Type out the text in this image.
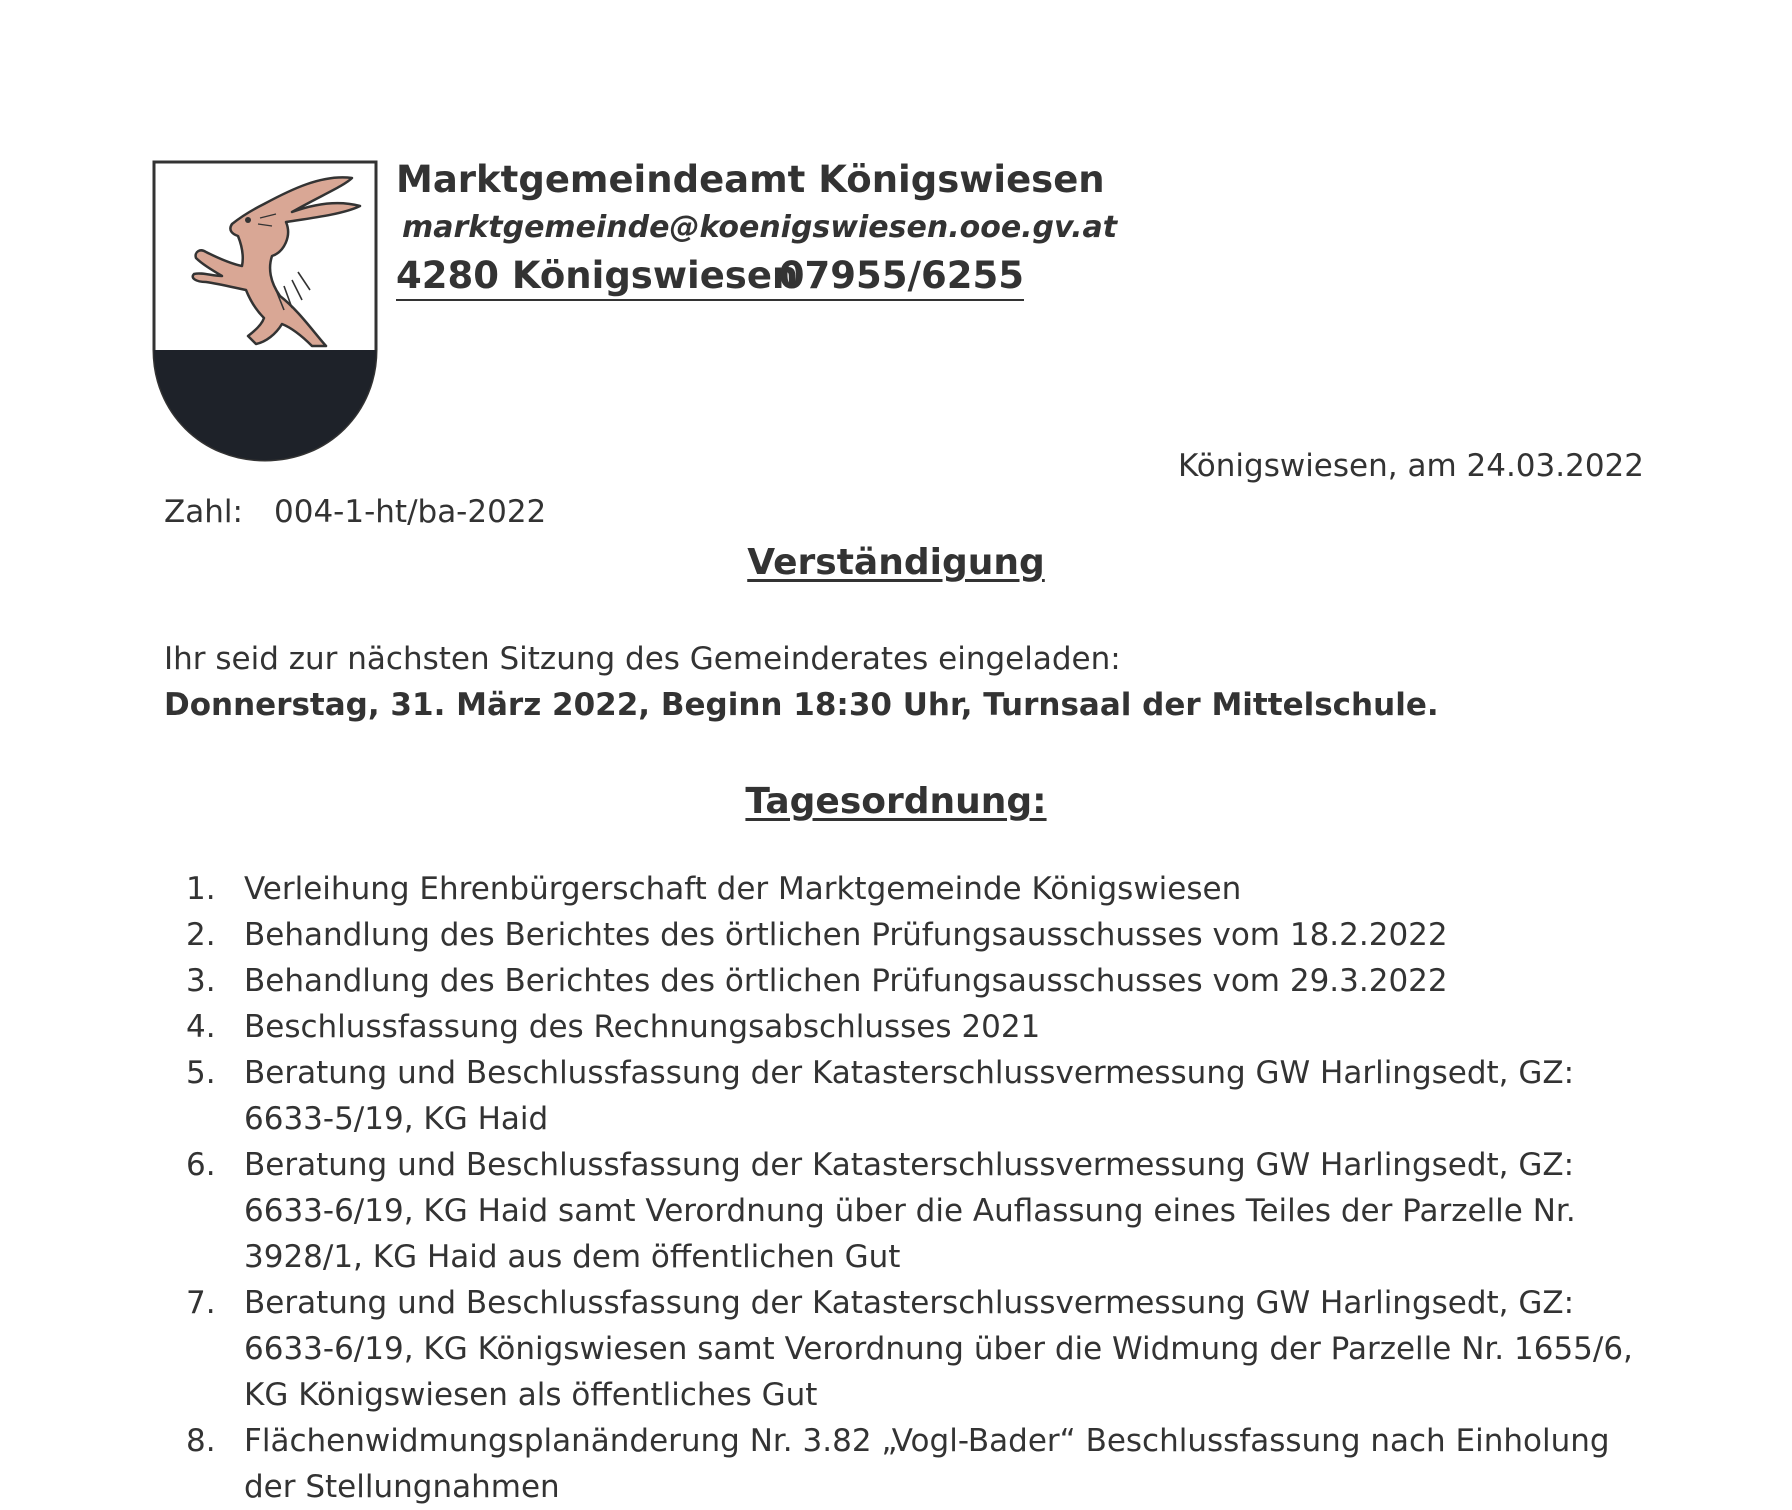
Marktgemeindeamt Königswiesen
marktgemeinde@koenigswiesen.ooe.gv.at
4280 Königswiesen
07955/6255

Königswiesen, am 24.03.2022
Zahl: 004-1-ht/ba-2022
Verständigung
Ihr seid zur nächsten Sitzung des Gemeinderates eingeladen:
Donnerstag, 31. März 2022, Beginn 18:30 Uhr, Turnsaal der Mittelschule.
Tagesordnung:
1. Verleihung Ehrenbürgerschaft der Marktgemeinde Königswiesen
2. Behandlung des Berichtes des örtlichen Prüfungsausschusses vom 18.2.2022
3. Behandlung des Berichtes des örtlichen Prüfungsausschusses vom 29.3.2022
4. Beschlussfassung des Rechnungsabschlusses 2021
5. Beratung und Beschlussfassung der Katasterschlussvermessung GW Harlingsedt, GZ: 6633-5/19, KG Haid
6. Beratung und Beschlussfassung der Katasterschlussvermessung GW Harlingsedt, GZ: 6633-6/19, KG Haid samt Verordnung über die Auflassung eines Teiles der Parzelle Nr. 3928/1, KG Haid aus dem öffentlichen Gut
7. Beratung und Beschlussfassung der Katasterschlussvermessung GW Harlingsedt, GZ: 6633-6/19, KG Königswiesen samt Verordnung über die Widmung der Parzelle Nr. 1655/6, KG Königswiesen als öffentliches Gut
8. Flächenwidmungsplanänderung Nr. 3.82 „Vogl-Bader“ Beschlussfassung nach Einholung der Stellungnahmen
